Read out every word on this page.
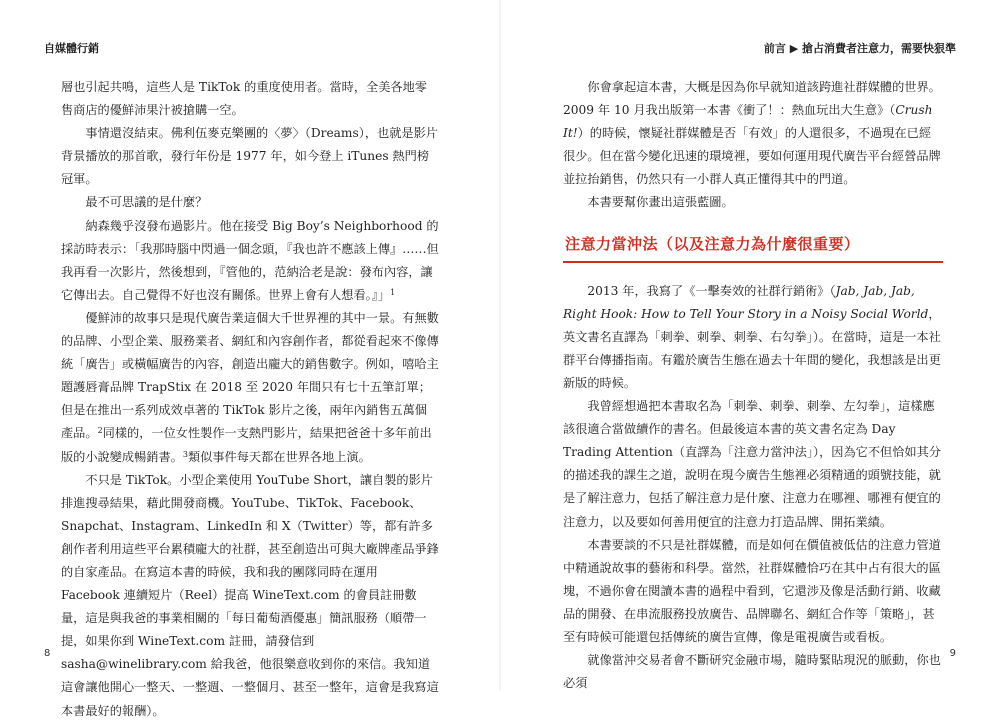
自媒體行銷

層也引起共鳴，這些人是 TikTok 的重度使用者。當時，全美各地零售商店的優鮮沛果汁被搶購一空。

事情還沒結束。佛利伍麥克樂團的〈夢〉（Dreams），也就是影片背景播放的那首歌，發行年份是 1977 年，如今登上 iTunes 熱門榜冠軍。

最不可思議的是什麼？

納森幾乎沒發布過影片。他在接受 Big Boy’s Neighborhood 的採訪時表示：「我那時腦中閃過一個念頭，『我也許不應該上傳』……但我再看一次影片，然後想到，『管他的，范納洽老是說：發布內容，讓它傳出去。自己覺得不好也沒有關係。世界上會有人想看。』」$^1$

優鮮沛的故事只是現代廣告業這個大千世界裡的其中一景。有無數的品牌、小型企業、服務業者、網紅和內容創作者，都從看起來不像傳統「廣告」或橫幅廣告的內容，創造出龐大的銷售數字。例如，嘻哈主題護唇膏品牌 TrapStix 在 2018 至 2020 年間只有七十五筆訂單；但是在推出一系列成效卓著的 TikTok 影片之後，兩年內銷售五萬個產品。$^2$同樣的，一位女性製作一支熱門影片，結果把爸爸十多年前出版的小說變成暢銷書。$^3$類似事件每天都在世界各地上演。

不只是 TikTok。小型企業使用 YouTube Short，讓自製的影片排進搜尋結果，藉此開發商機。YouTube、TikTok、Facebook、Snapchat、Instagram、LinkedIn 和 X（Twitter）等，都有許多創作者利用這些平台累積龐大的社群，甚至創造出可與大廠牌產品爭鋒的自家產品。在寫這本書的時候，我和我的團隊同時在運用 Facebook 連續短片（Reel）提高 WineText.com 的會員註冊數量，這是與我爸的事業相關的「每日葡萄酒優惠」簡訊服務（順帶一提，如果你到 WineText.com 註冊，請發信到 sasha@winelibrary.com 給我爸，他很樂意收到你的來信。我知道這會讓他開心一整天、一整週、一整個月、甚至一整年，這會是我寫這本書最好的報酬）。

8
前言 ▶ 搶占消費者注意力，需要快狠準

你會拿起這本書，大概是因為你早就知道該跨進社群媒體的世界。2009 年 10 月我出版第一本書《衝了！：熱血玩出大生意》（Crush It!）的時候，懷疑社群媒體是否「有效」的人還很多，不過現在已經很少。但在當今變化迅速的環境裡，要如何運用現代廣告平台經營品牌並拉抬銷售，仍然只有一小群人真正懂得其中的門道。

本書要幫你畫出這張藍圖。

注意力當沖法（以及注意力為什麼很重要）

2013 年，我寫了《一擊奏效的社群行銷術》（Jab, Jab, Jab, Right Hook: How to Tell Your Story in a Noisy Social World，英文書名直譯為「刺拳、刺拳、刺拳、右勾拳」）。在當時，這是一本社群平台傳播指南。有鑑於廣告生態在過去十年間的變化，我想該是出更新版的時候。

我曾經想過把本書取名為「刺拳、刺拳、刺拳、左勾拳」，這樣應該很適合當做續作的書名。但最後這本書的英文書名定為 Day Trading Attention（直譯為「注意力當沖法」），因為它不但恰如其分的描述我的課生之道，說明在現今廣告生態裡必須精通的頭號技能，就是了解注意力，包括了解注意力是什麼、注意力在哪裡、哪裡有便宜的注意力，以及要如何善用便宜的注意力打造品牌、開拓業績。

本書要談的不只是社群媒體，而是如何在價值被低估的注意力管道中精通說故事的藝術和科學。當然，社群媒體恰巧在其中占有很大的區塊，不過你會在閱讀本書的過程中看到，它還涉及像是活動行銷、收藏品的開發、在串流服務投放廣告、品牌聯名、網紅合作等「策略」，甚至有時候可能還包括傳統的廣告宣傳，像是電視廣告或看板。

就像當沖交易者會不斷研究金融市場，隨時緊貼現況的脈動，你也必須

9
